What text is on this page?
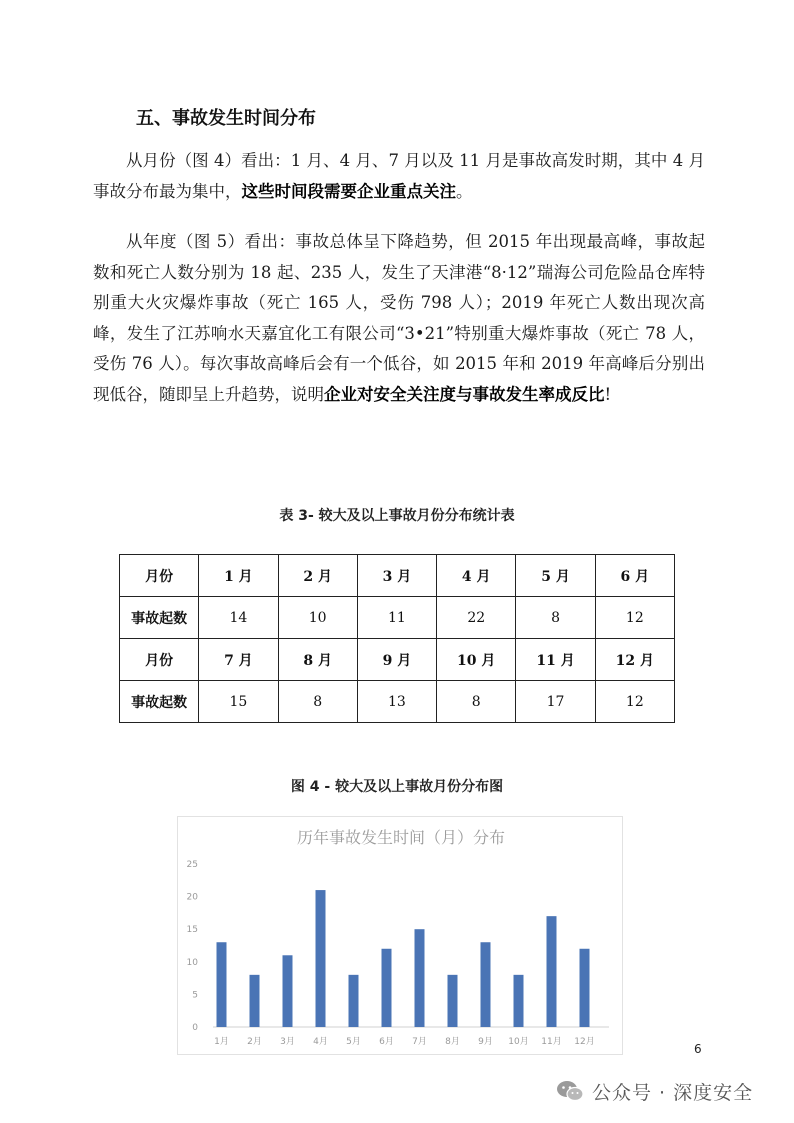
五、事故发生时间分布

从月份（图 4）看出：1 月、4 月、7 月以及 11 月是事故高发时期，其中 4 月事故分布最为集中，这些时间段需要企业重点关注。

从年度（图 5）看出：事故总体呈下降趋势，但 2015 年出现最高峰，事故起数和死亡人数分别为 18 起、235 人，发生了天津港“8·12”瑞海公司危险品仓库特别重大火灾爆炸事故（死亡 165 人，受伤 798 人）；2019 年死亡人数出现次高峰，发生了江苏响水天嘉宜化工有限公司“3•21”特别重大爆炸事故（死亡 78 人，受伤 76 人）。每次事故高峰后会有一个低谷，如 2015 年和 2019 年高峰后分别出现低谷，随即呈上升趋势，说明企业对安全关注度与事故发生率成反比!

表 3- 较大及以上事故月份分布统计表
月份	1 月	2 月	3 月	4 月	5 月	6 月
事故起数	14	10	11	22	8	12
月份	7 月	8 月	9 月	10 月	11 月	12 月
事故起数	15	8	13	8	17	12
图 4 - 较大及以上事故月份分布图
历年事故发生时间（月）分布
0
5
10
15
20
25
1月 2月 3月 4月 5月 6月 7月 8月 9月 10月 11月 12月	6
公众号 · 深度安全
